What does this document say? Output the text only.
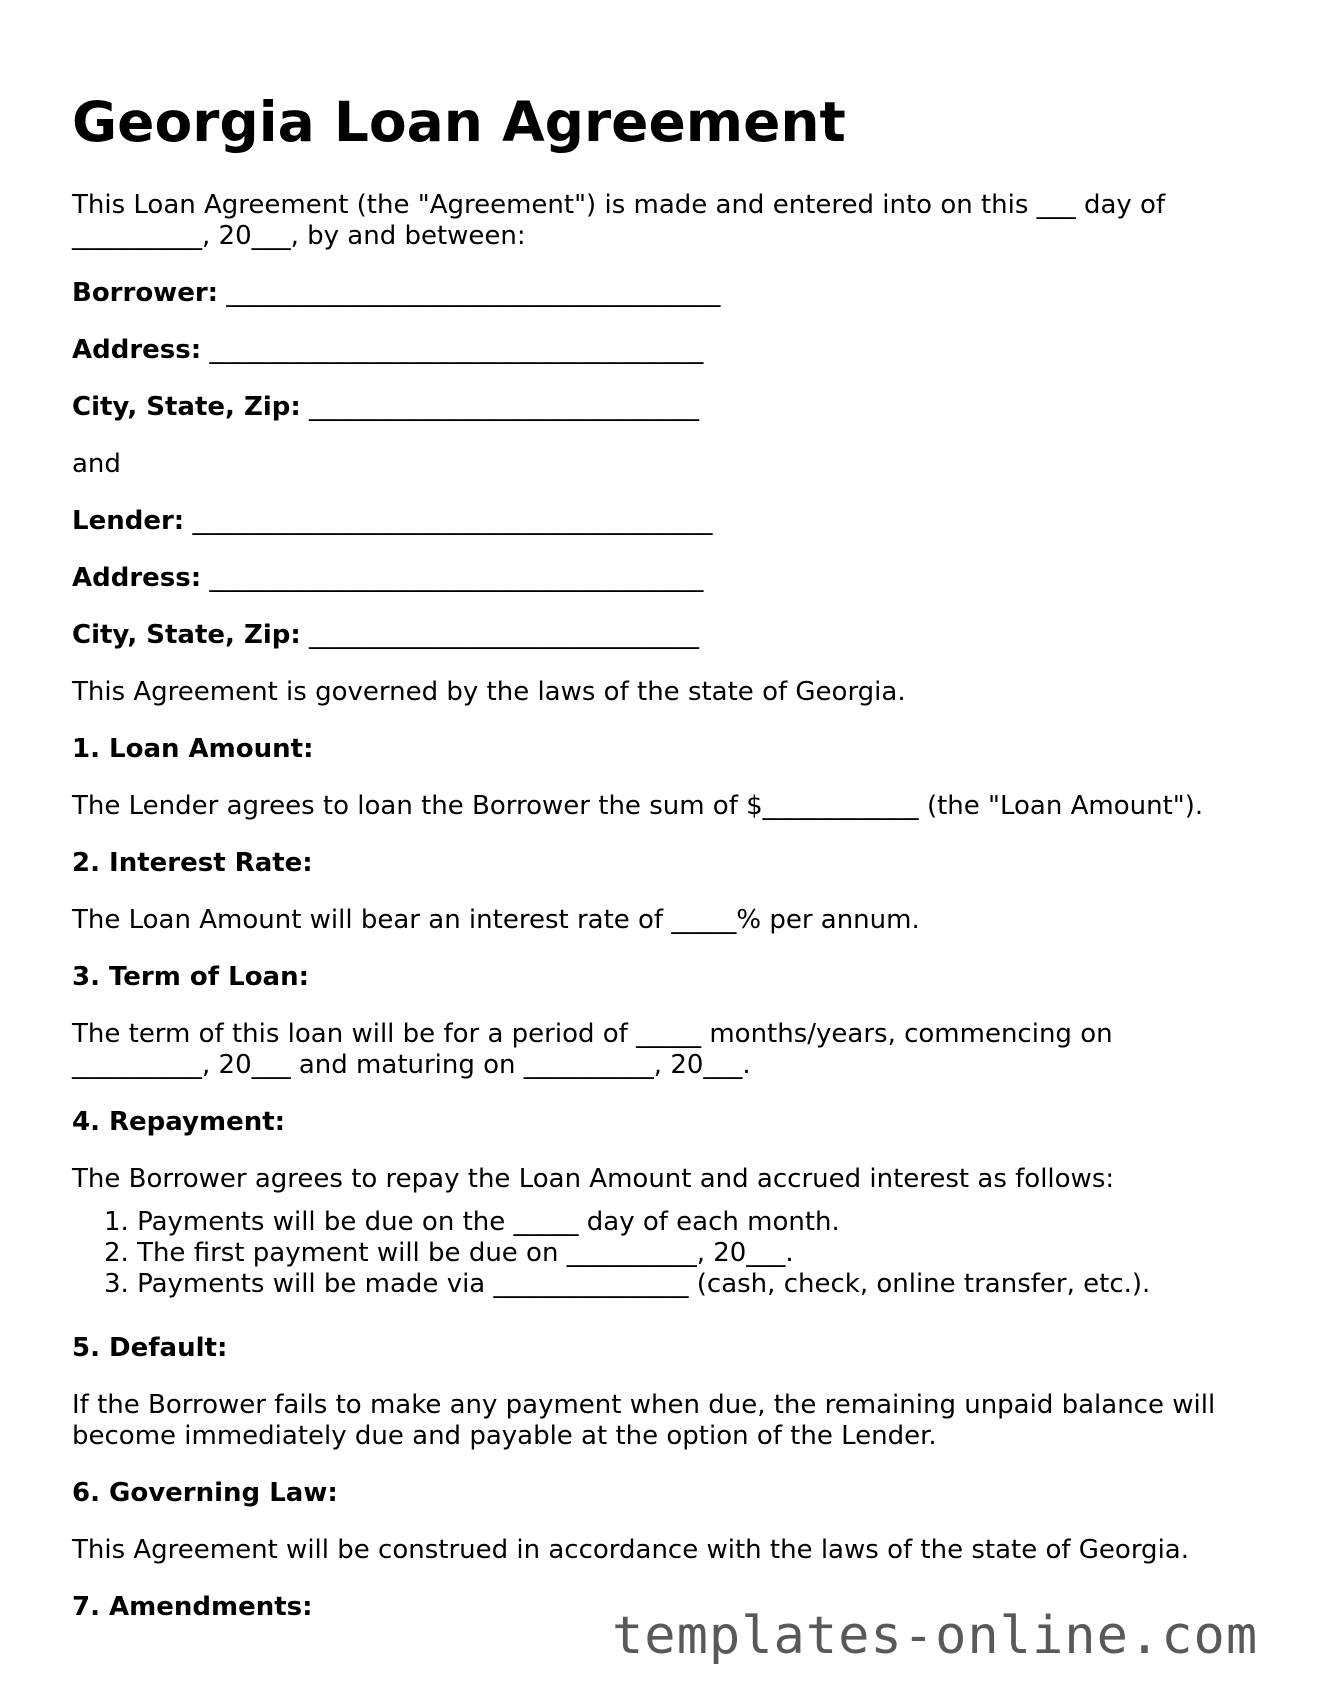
Georgia Loan Agreement

This Loan Agreement (the "Agreement") is made and entered into on this ___ day of

__________, 20___, by and between:

Borrower: ______________________________________

Address: ______________________________________

City, State, Zip: ______________________________

and

Lender: ________________________________________

Address: ______________________________________

City, State, Zip: ______________________________

This Agreement is governed by the laws of the state of Georgia.

1. Loan Amount:

The Lender agrees to loan the Borrower the sum of $____________ (the "Loan Amount").

2. Interest Rate:

The Loan Amount will bear an interest rate of _____% per annum.

3. Term of Loan:

The term of this loan will be for a period of _____ months/years, commencing on

__________, 20___ and maturing on __________, 20___.

4. Repayment:

The Borrower agrees to repay the Loan Amount and accrued interest as follows:

1. Payments will be due on the _____ day of each month.
2. The first payment will be due on __________, 20___.
3. Payments will be made via _______________ (cash, check, online transfer, etc.).

5. Default:

If the Borrower fails to make any payment when due, the remaining unpaid balance will

become immediately due and payable at the option of the Lender.

6. Governing Law:

This Agreement will be construed in accordance with the laws of the state of Georgia.

7. Amendments:	templates-online.com
